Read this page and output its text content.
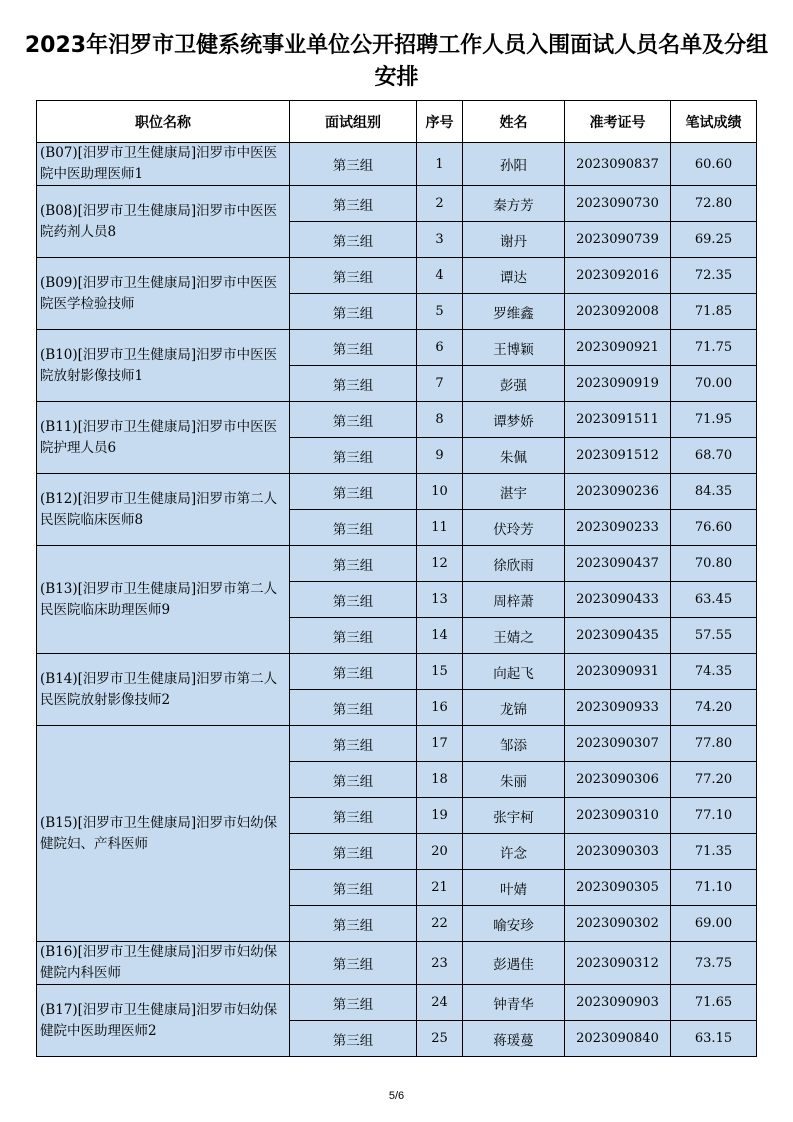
2023年汨罗市卫健系统事业单位公开招聘工作人员入围面试人员名单及分组安排
职位名称	面试组别	序号	姓名	准考证号	笔试成绩
(B07)[汨罗市卫生健康局]汨罗市中医医院中医助理医师1	第三组	1	孙阳	2023090837	60.60
(B08)[汨罗市卫生健康局]汨罗市中医医院药剂人员8	第三组	2	秦方芳	2023090730	72.80
	第三组	3	谢丹	2023090739	69.25
(B09)[汨罗市卫生健康局]汨罗市中医医院医学检验技师	第三组	4	谭达	2023092016	72.35
	第三组	5	罗维鑫	2023092008	71.85
(B10)[汨罗市卫生健康局]汨罗市中医医院放射影像技师1	第三组	6	王博颖	2023090921	71.75
	第三组	7	彭强	2023090919	70.00
(B11)[汨罗市卫生健康局]汨罗市中医医院护理人员6	第三组	8	谭梦娇	2023091511	71.95
	第三组	9	朱佩	2023091512	68.70
(B12)[汨罗市卫生健康局]汨罗市第二人民医院临床医师8	第三组	10	湛宇	2023090236	84.35
	第三组	11	伏玲芳	2023090233	76.60
(B13)[汨罗市卫生健康局]汨罗市第二人民医院临床助理医师9	第三组	12	徐欣雨	2023090437	70.80
	第三组	13	周梓萧	2023090433	63.45
	第三组	14	王婧之	2023090435	57.55
(B14)[汨罗市卫生健康局]汨罗市第二人民医院放射影像技师2	第三组	15	向起飞	2023090931	74.35
	第三组	16	龙锦	2023090933	74.20
(B15)[汨罗市卫生健康局]汨罗市妇幼保健院妇、产科医师	第三组	17	邹添	2023090307	77.80
	第三组	18	朱丽	2023090306	77.20
	第三组	19	张宇柯	2023090310	77.10
	第三组	20	许念	2023090303	71.35
	第三组	21	叶婧	2023090305	71.10
	第三组	22	喻安珍	2023090302	69.00
(B16)[汨罗市卫生健康局]汨罗市妇幼保健院内科医师	第三组	23	彭遇佳	2023090312	73.75
(B17)[汨罗市卫生健康局]汨罗市妇幼保健院中医助理医师2	第三组	24	钟青华	2023090903	71.65
	第三组	25	蒋瑗蔓	2023090840	63.15
5/6
